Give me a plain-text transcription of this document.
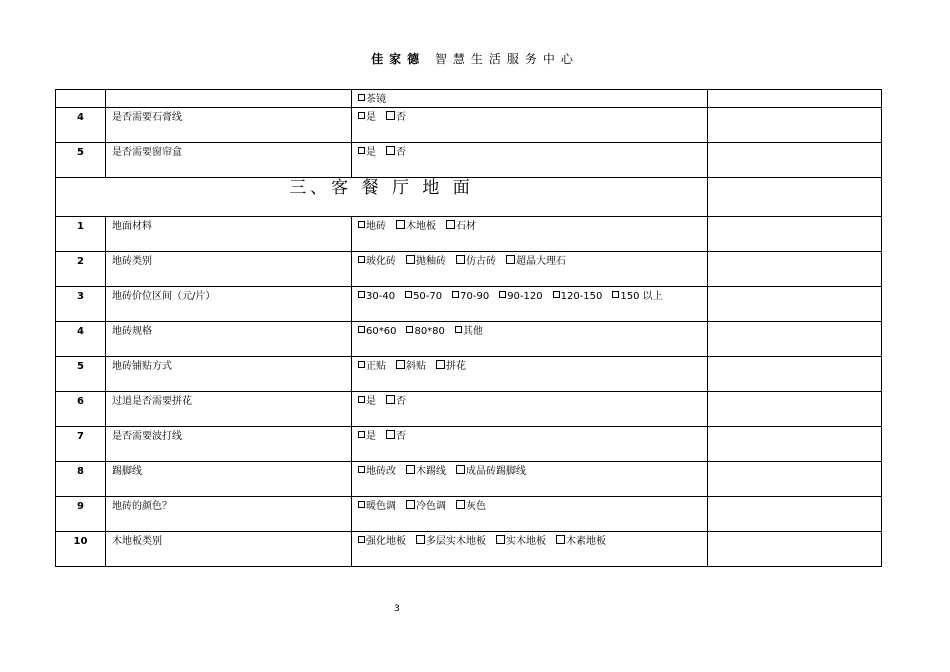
佳家德 智慧生活服务中心
		茶镜	
4	是否需要石膏线	是 否	
5	是否需要窗帘盒	是 否	
三、客 餐 厅 地 面			
1	地面材料	地砖 木地板 石材	
2	地砖类别	玻化砖 抛釉砖 仿古砖 超晶大理石	
3	地砖价位区间（元/片）	30-40 50-70 70-90 90-120 120-150 150 以上	
4	地砖规格	60*60 80*80 其他	
5	地砖铺贴方式	正贴 斜贴 拼花	
6	过道是否需要拼花	是 否	
7	是否需要波打线	是 否	
8	踢脚线	地砖改 木踢线 成品砖踢脚线	
9	地砖的颜色？	暖色调 冷色调 灰色	
10	木地板类别	强化地板 多层实木地板 实木地板 木素地板	
3
